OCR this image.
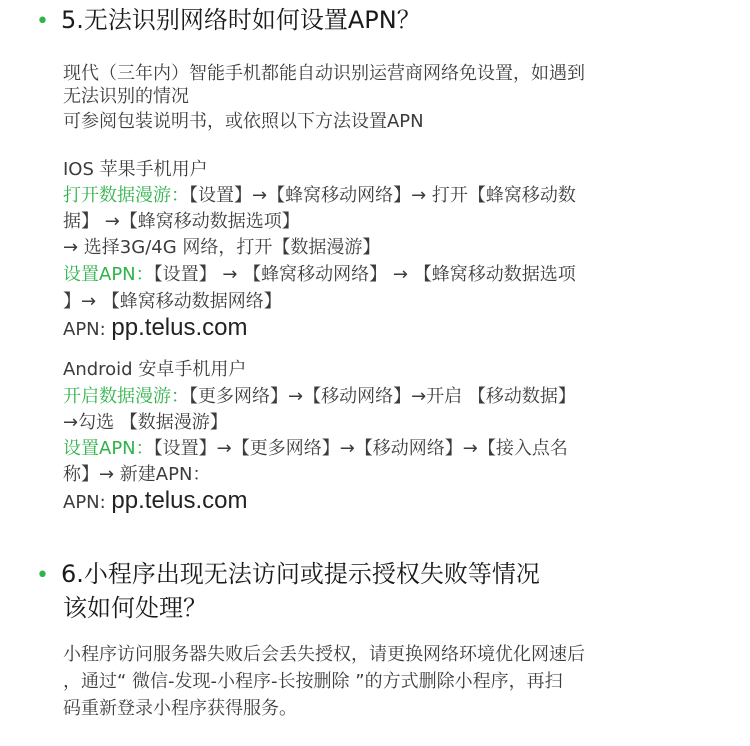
• 5.无法识别网络时如何设置APN？
现代（三年内）智能手机都能自动识别运营商网络免设置，如遇到
无法识别的情况
可参阅包装说明书，或依照以下方法设置APN
IOS 苹果手机用户
打开数据漫游：【设置】→【蜂窝移动网络】→ 打开【蜂窝移动数
据】 →【蜂窝移动数据选项】
→ 选择3G/4G 网络，打开【数据漫游】
设置APN：【设置】 → 【蜂窝移动网络】 → 【蜂窝移动数据选项
】→ 【蜂窝移动数据网络】
APN: pp.telus.com
Android 安卓手机用户
开启数据漫游：【更多网络】→【移动网络】→开启 【移动数据】
→勾选 【数据漫游】
设置APN：【设置】→【更多网络】→【移动网络】→【接入点名
称】→ 新建APN：
APN: pp.telus.com
• 6.小程序出现无法访问或提示授权失败等情况
该如何处理？
小程序访问服务器失败后会丢失授权，请更换网络环境优化网速后
，通过“ 微信-发现-小程序-长按删除 ”的方式删除小程序，再扫
码重新登录小程序获得服务。
